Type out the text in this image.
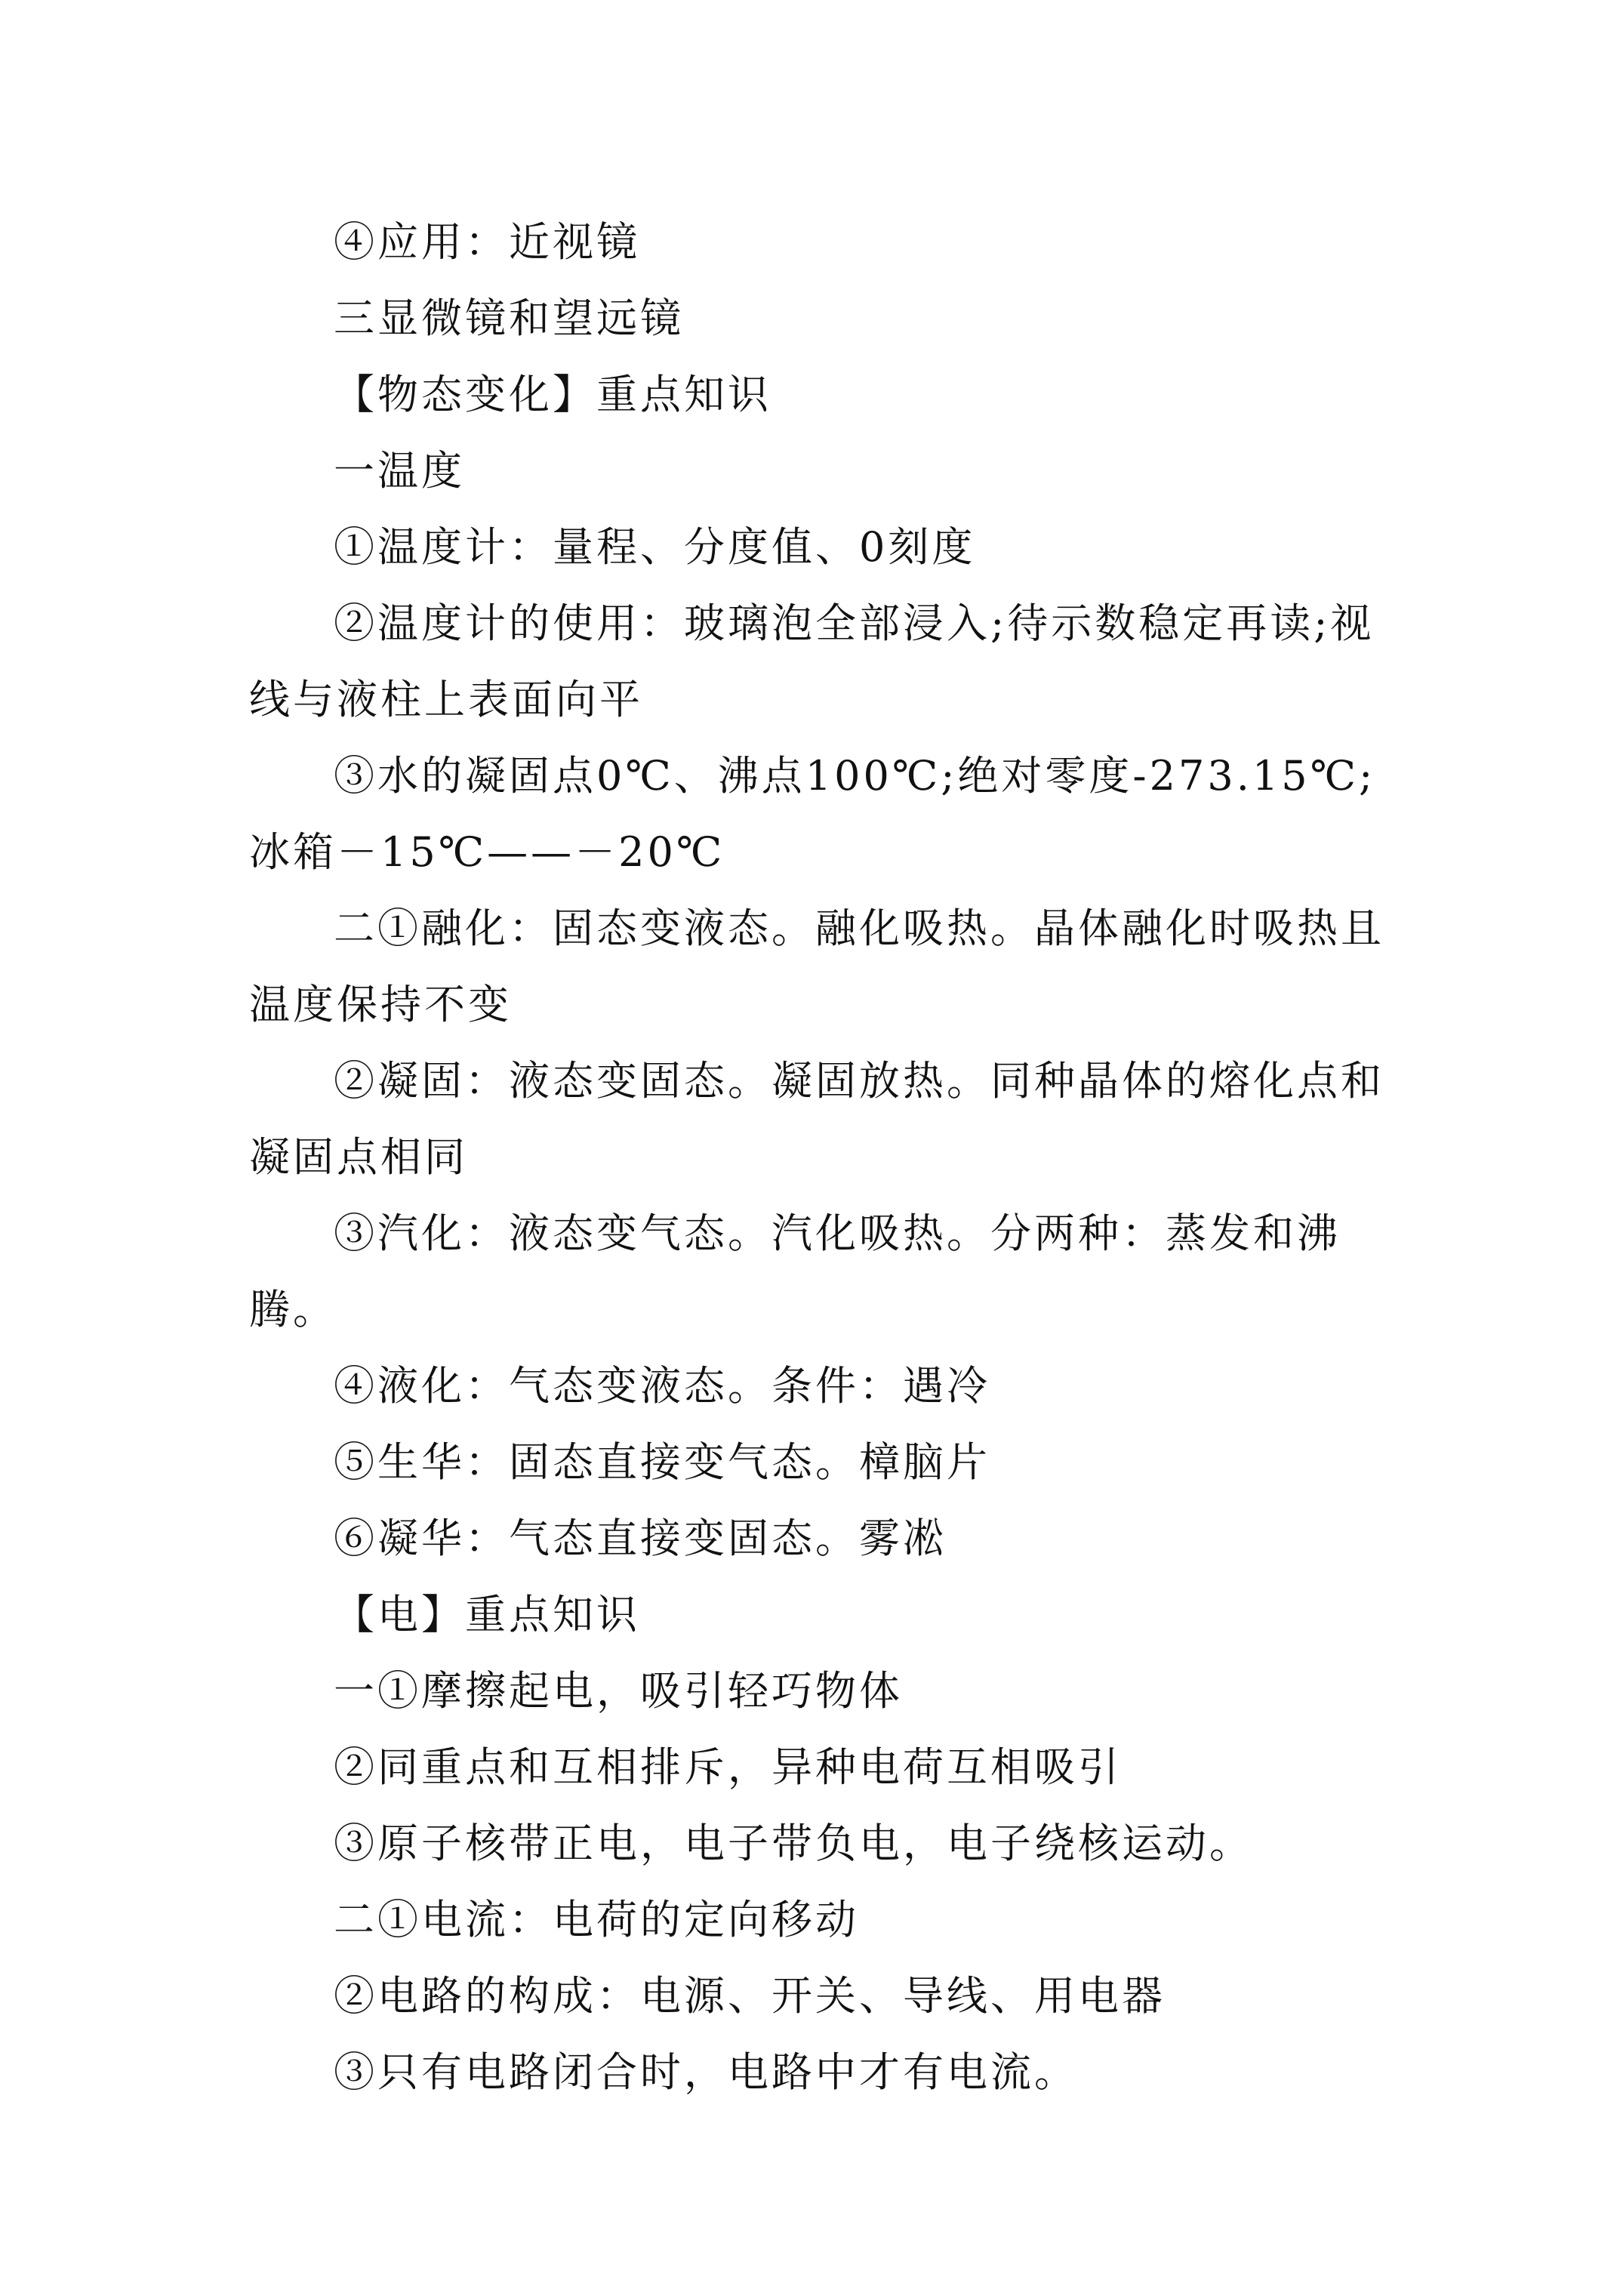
④应用：近视镜

三显微镜和望远镜

【物态变化】重点知识

一温度

①温度计：量程、分度值、0刻度

②温度计的使用：玻璃泡全部浸入;待示数稳定再读;视线与液柱上表面向平

③水的凝固点0℃、沸点100℃;绝对零度-273.15℃;冰箱－15℃——－20℃

二①融化：固态变液态。融化吸热。晶体融化时吸热且温度保持不变

②凝固：液态变固态。凝固放热。同种晶体的熔化点和凝固点相同

③汽化：液态变气态。汽化吸热。分两种：蒸发和沸腾。

④液化：气态变液态。条件：遇冷

⑤生华：固态直接变气态。樟脑片

⑥凝华：气态直接变固态。雾凇

【电】重点知识

一①摩擦起电，吸引轻巧物体

②同重点和互相排斥，异种电荷互相吸引

③原子核带正电，电子带负电，电子绕核运动。

二①电流：电荷的定向移动

②电路的构成：电源、开关、导线、用电器

③只有电路闭合时，电路中才有电流。
